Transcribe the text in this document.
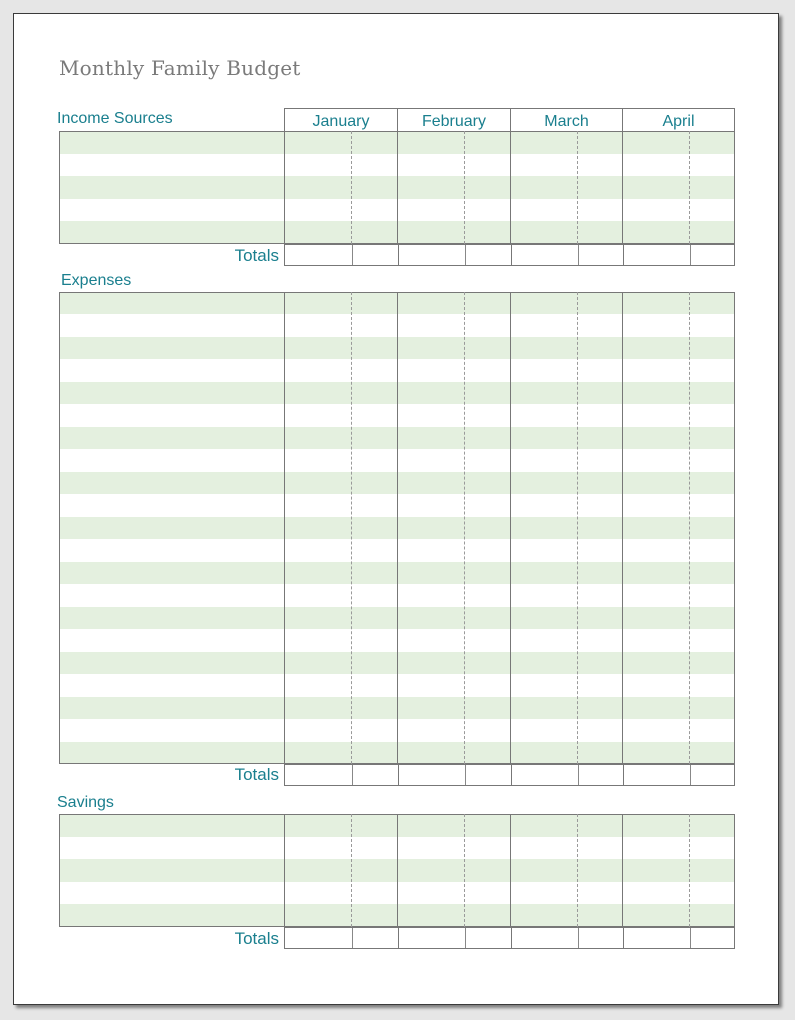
Monthly Family Budget
January	February	March	April
Income Sources
Totals
Expenses
Totals
Savings
Totals
